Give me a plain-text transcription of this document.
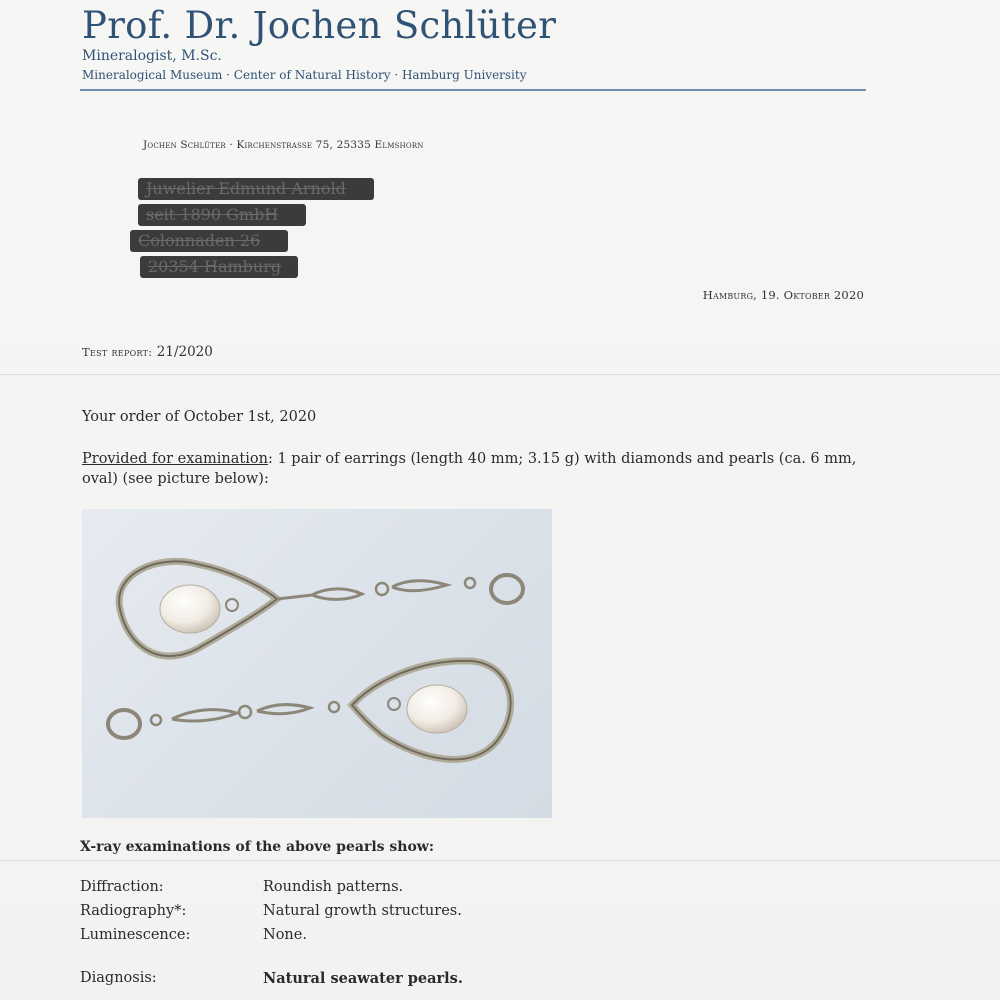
Prof. Dr. Jochen Schlüter
Mineralogist, M.Sc.
Mineralogical Museum · Center of Natural History · Hamburg University
Jochen Schlüter · Kirchenstrasse 75, 25335 Elmshorn
Juwelier Edmund Arnold
seit 1890 GmbH
Colonnaden 26
20354 Hamburg
Hamburg, 19. Oktober 2020
Test report: 21/2020
Your order of October 1st, 2020
Provided for examination: 1 pair of earrings (length 40 mm; 3.15 g) with diamonds and pearls (ca. 6 mm, oval) (see picture below):
X-ray examinations of the above pearls show:
Diffraction:	Roundish patterns.
Radiography*:	Natural growth structures.
Luminescence:	None.
Diagnosis:	Natural seawater pearls.
